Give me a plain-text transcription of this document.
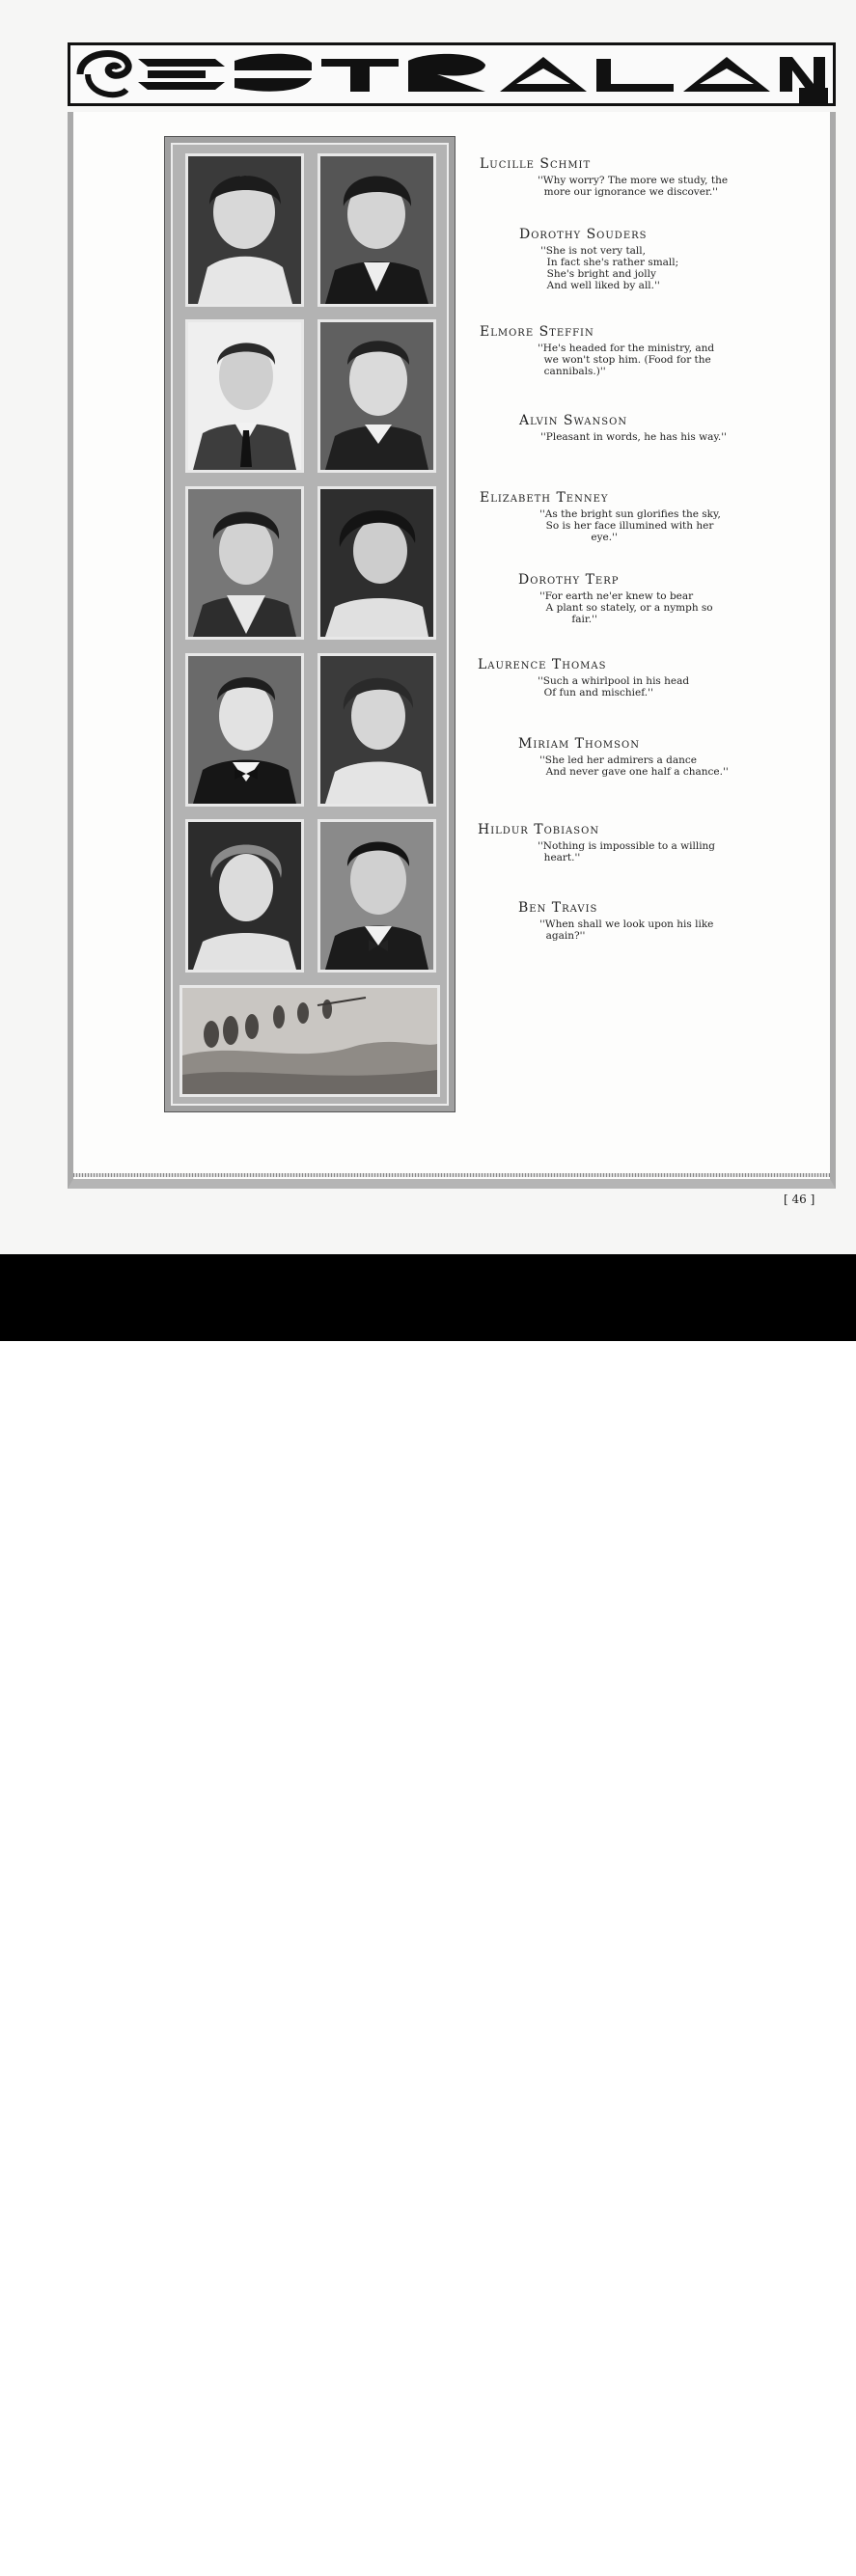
Lucille Schmit
''Why worry? The more we study, the
more our ignorance we discover.''
Dorothy Souders
''She is not very tall,
In fact she's rather small;
She's bright and jolly
And well liked by all.''
Elmore Steffin
''He's headed for the ministry, and
we won't stop him. (Food for the
cannibals.)''
Alvin Swanson
''Pleasant in words, he has his way.''
Elizabeth Tenney
''As the bright sun glorifies the sky,
So is her face illumined with her
eye.''
Dorothy Terp
''For earth ne'er knew to bear
A plant so stately, or a nymph so
fair.''
Laurence Thomas
''Such a whirlpool in his head
Of fun and mischief.''
Miriam Thomson
''She led her admirers a dance
And never gave one half a chance.''
Hildur Tobiason
''Nothing is impossible to a willing
heart.''
Ben Travis
''When shall we look upon his like
again?''
[ 46 ]
alamy	3A5MDH0
www.alamy.com
